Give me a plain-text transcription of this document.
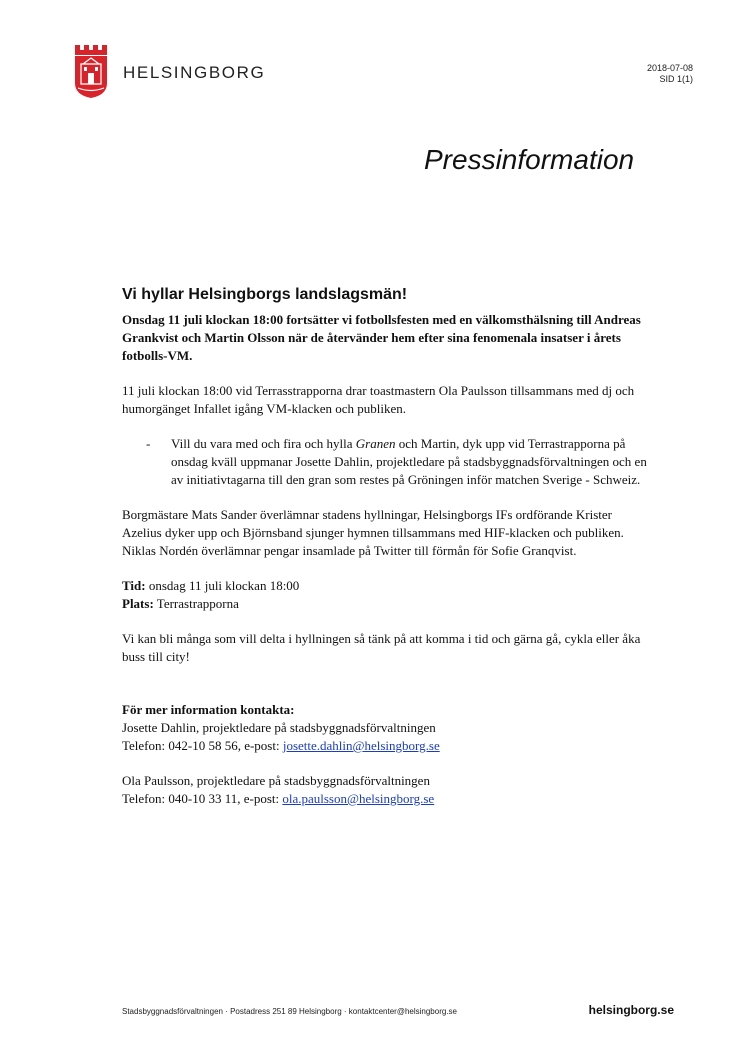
HELSINGBORG	2018-07-08
SID 1(1)
Pressinformation
Vi hyllar Helsingborgs landslagsmän!

Onsdag 11 juli klockan 18:00 fortsätter vi fotbollsfesten med en välkomsthälsning till Andreas Grankvist och Martin Olsson när de återvänder hem efter sina fenomenala insatser i årets fotbolls-VM.

11 juli klockan 18:00 vid Terrasstrapporna drar toastmastern Ola Paulsson tillsammans med dj och humorgänget Infallet igång VM-klacken och publiken.

- Vill du vara med och fira och hylla Granen och Martin, dyk upp vid Terrastrapporna på onsdag kväll uppmanar Josette Dahlin, projektledare på stadsbyggnadsförvaltningen och en av initiativtagarna till den gran som restes på Gröningen inför matchen Sverige - Schweiz.

Borgmästare Mats Sander överlämnar stadens hyllningar, Helsingborgs IFs ordförande Krister Azelius dyker upp och Björnsband sjunger hymnen tillsammans med HIF-klacken och publiken. Niklas Nordén överlämnar pengar insamlade på Twitter till förmån för Sofie Granqvist.

Tid: onsdag 11 juli klockan 18:00

Plats: Terrastrapporna

Vi kan bli många som vill delta i hyllningen så tänk på att komma i tid och gärna gå, cykla eller åka buss till city!

För mer information kontakta:

Josette Dahlin, projektledare på stadsbyggnadsförvaltningen

Telefon: 042-10 58 56, e-post: josette.dahlin@helsingborg.se

Ola Paulsson, projektledare på stadsbyggnadsförvaltningen

Telefon: 040-10 33 11, e-post: ola.paulsson@helsingborg.se

Stadsbyggnadsförvaltningen · Postadress 251 89 Helsingborg · kontaktcenter@helsingborg.se	helsingborg.se
